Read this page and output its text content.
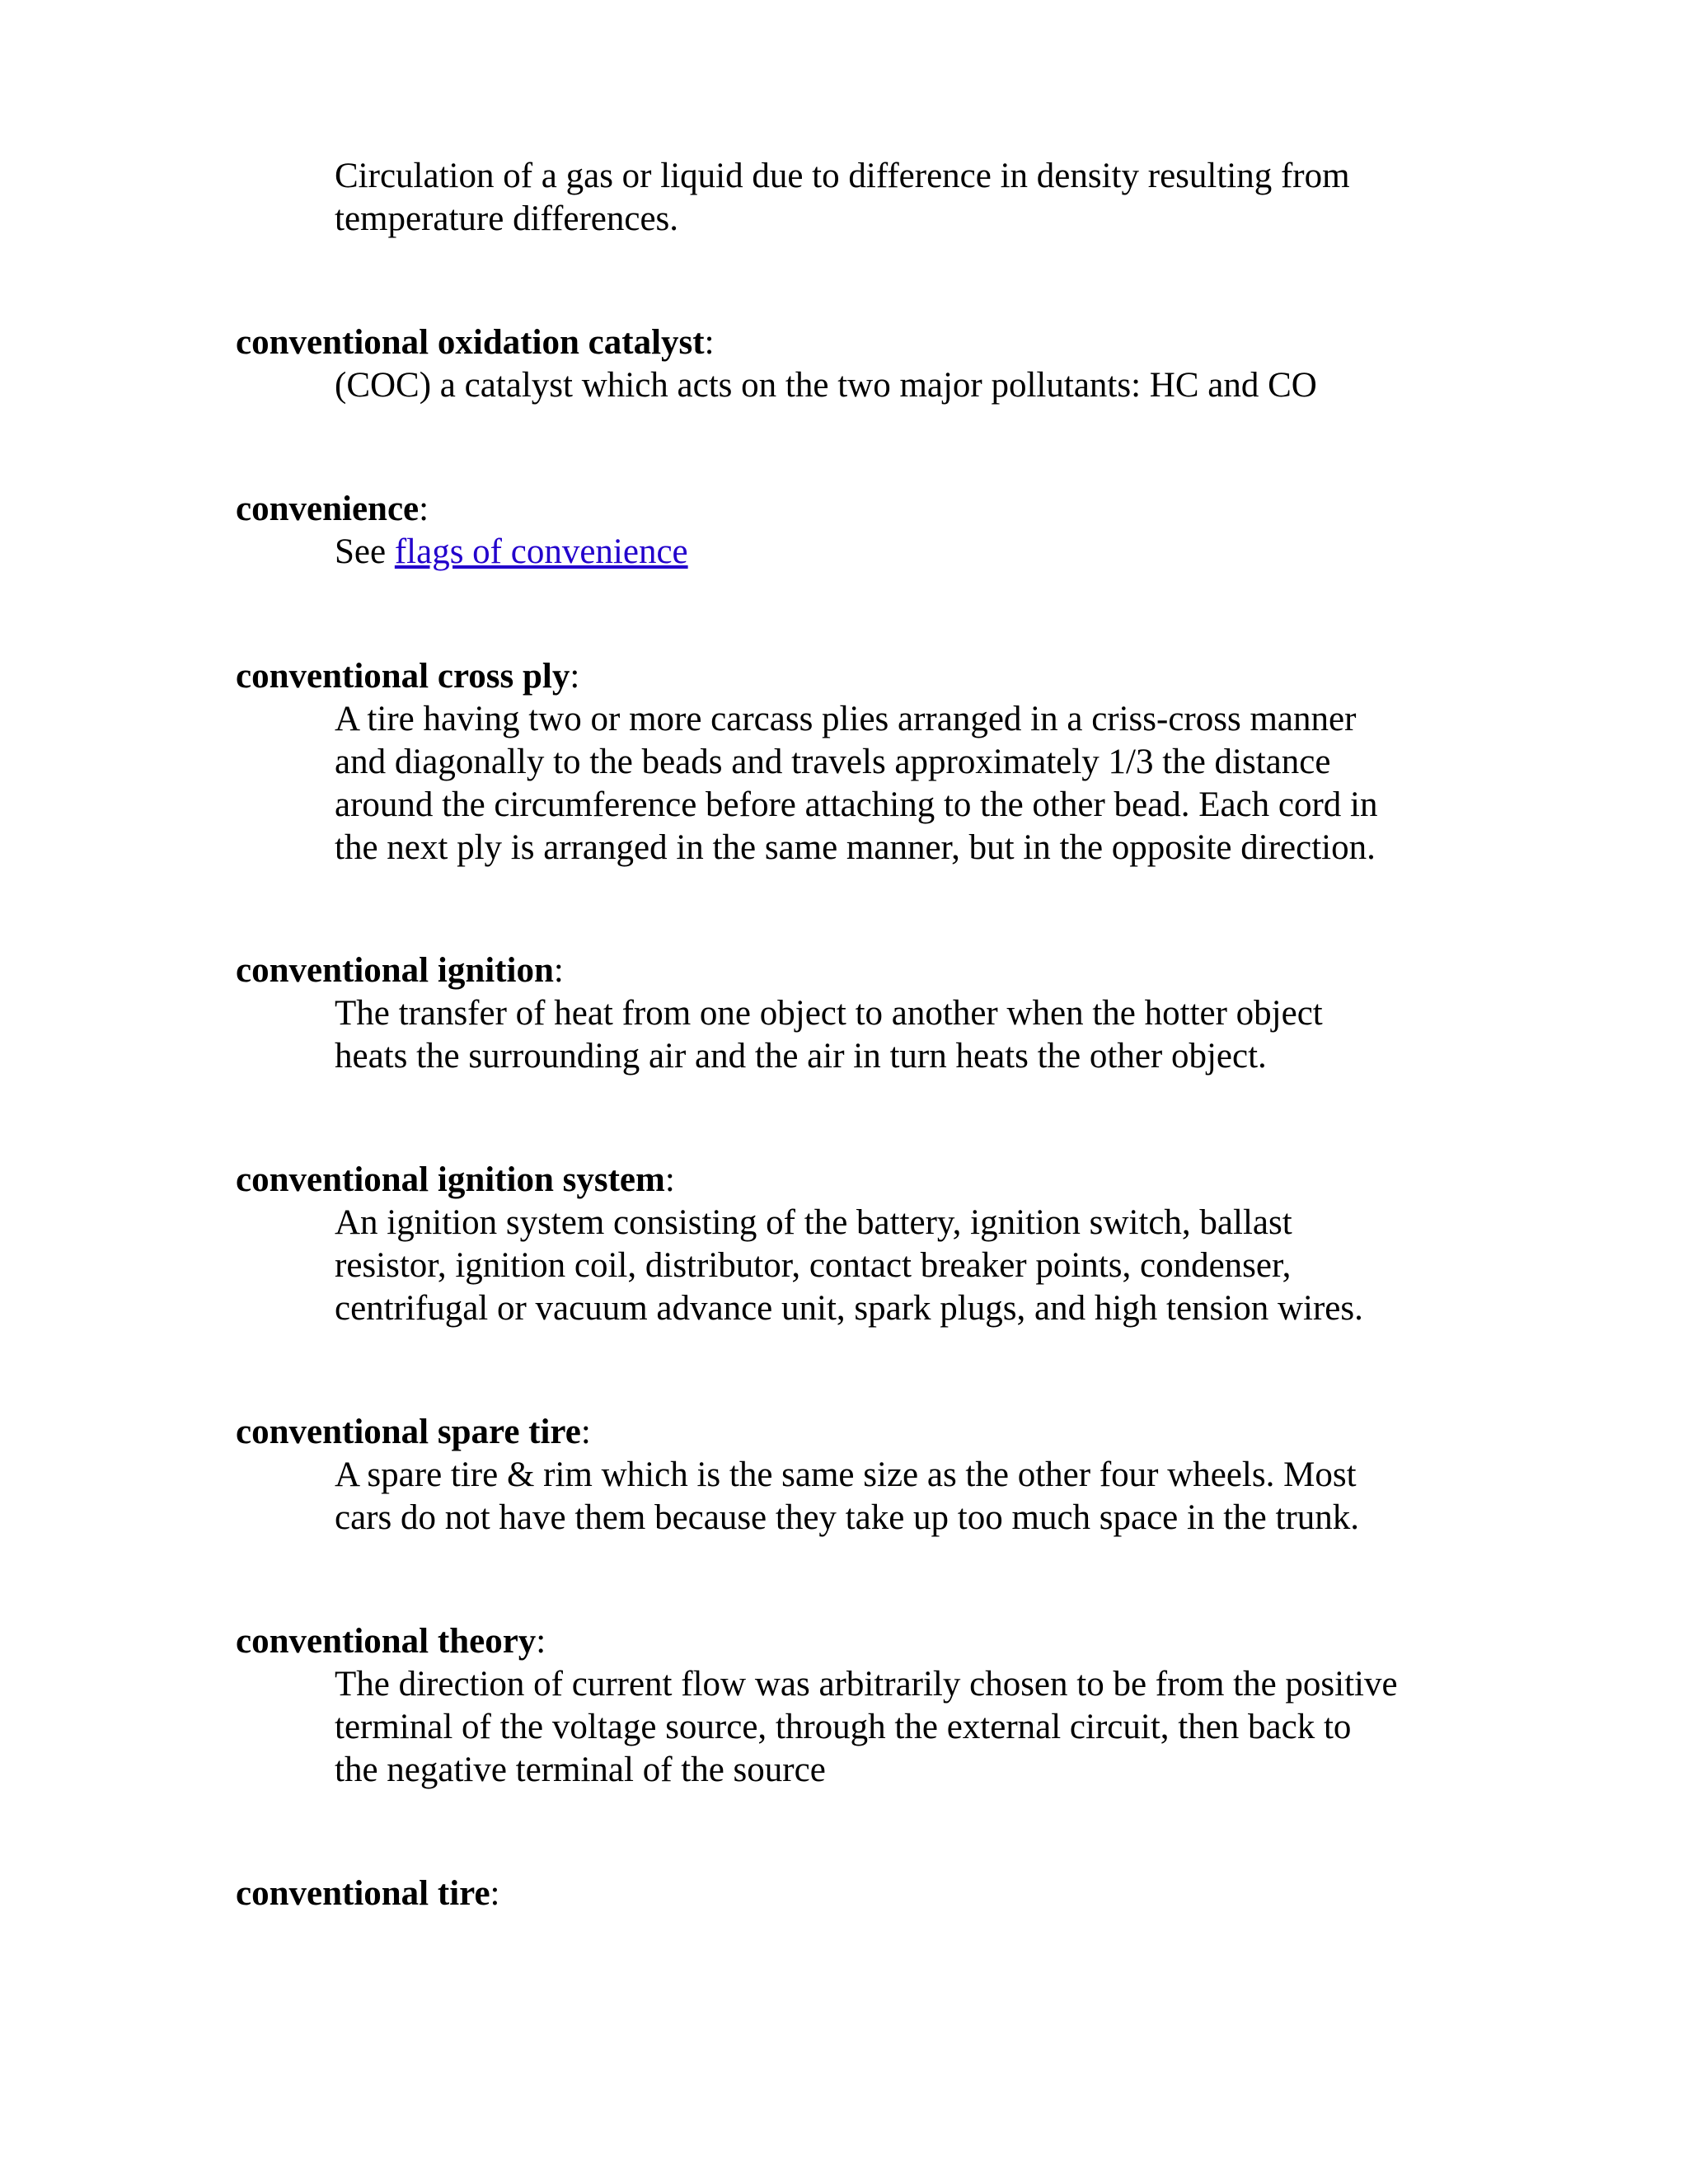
Circulation of a gas or liquid due to difference in density resulting from
temperature differences.
conventional oxidation catalyst:
(COC) a catalyst which acts on the two major pollutants: HC and CO
convenience:
See flags of convenience
conventional cross ply:
A tire having two or more carcass plies arranged in a criss-cross manner
and diagonally to the beads and travels approximately 1/3 the distance
around the circumference before attaching to the other bead. Each cord in
the next ply is arranged in the same manner, but in the opposite direction.
conventional ignition:
The transfer of heat from one object to another when the hotter object
heats the surrounding air and the air in turn heats the other object.
conventional ignition system:
An ignition system consisting of the battery, ignition switch, ballast
resistor, ignition coil, distributor, contact breaker points, condenser,
centrifugal or vacuum advance unit, spark plugs, and high tension wires.
conventional spare tire:
A spare tire & rim which is the same size as the other four wheels. Most
cars do not have them because they take up too much space in the trunk.
conventional theory:
The direction of current flow was arbitrarily chosen to be from the positive
terminal of the voltage source, through the external circuit, then back to
the negative terminal of the source
conventional tire:
